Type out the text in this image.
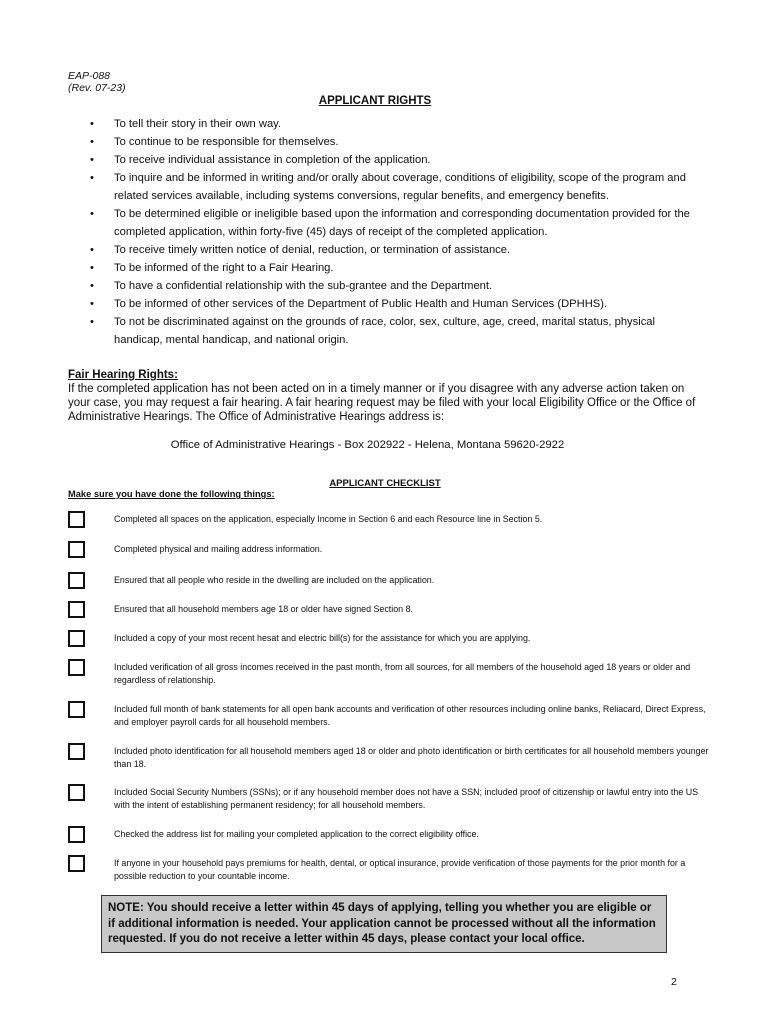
EAP-088
(Rev. 07-23)
APPLICANT RIGHTS
• To tell their story in their own way.
• To continue to be responsible for themselves.
• To receive individual assistance in completion of the application.
• To inquire and be informed in writing and/or orally about coverage, conditions of eligibility, scope of the program and related services available, including systems conversions, regular benefits, and emergency benefits.
• To be determined eligible or ineligible based upon the information and corresponding documentation provided for the completed application, within forty-five (45) days of receipt of the completed application.
• To receive timely written notice of denial, reduction, or termination of assistance.
• To be informed of the right to a Fair Hearing.
• To have a confidential relationship with the sub-grantee and the Department.
• To be informed of other services of the Department of Public Health and Human Services (DPHHS).
• To not be discriminated against on the grounds of race, color, sex, culture, age, creed, marital status, physical handicap, mental handicap, and national origin.
Fair Hearing Rights:

If the completed application has not been acted on in a timely manner or if you disagree with any adverse action taken on your case, you may request a fair hearing. A fair hearing request may be filed with your local Eligibility Office or the Office of Administrative Hearings. The Office of Administrative Hearings address is:

Office of Administrative Hearings - Box 202922 - Helena, Montana 59620-2922
APPLICANT CHECKLIST
Make sure you have done the following things:
Completed all spaces on the application, especially Income in Section 6 and each Resource line in Section 5.
Completed physical and mailing address information.
Ensured that all people who reside in the dwelling are included on the application.
Ensured that all household members age 18 or older have signed Section 8.
Included a copy of your most recent hesat and electric bill(s) for the assistance for which you are applying.
Included verification of all gross incomes received in the past month, from all sources, for all members of the household aged 18 years or older and regardless of relationship.
Included full month of bank statements for all open bank accounts and verification of other resources including online banks, Reliacard, Direct Express, and employer payroll cards for all household members.
Included photo identification for all household members aged 18 or older and photo identification or birth certificates for all household members younger than 18.
Included Social Security Numbers (SSNs); or if any household member does not have a SSN; included proof of citizenship or lawful entry into the US with the intent of establishing permanent residency; for all household members.
Checked the address list for mailing your completed application to the correct eligibility office.
If anyone in your household pays premiums for health, dental, or optical insurance, provide verification of those payments for the prior month for a possible reduction to your countable income.
NOTE: You should receive a letter within 45 days of applying, telling you whether you are eligible or if additional information is needed. Your application cannot be processed without all the information requested. If you do not receive a letter within 45 days, please contact your local office.
2
